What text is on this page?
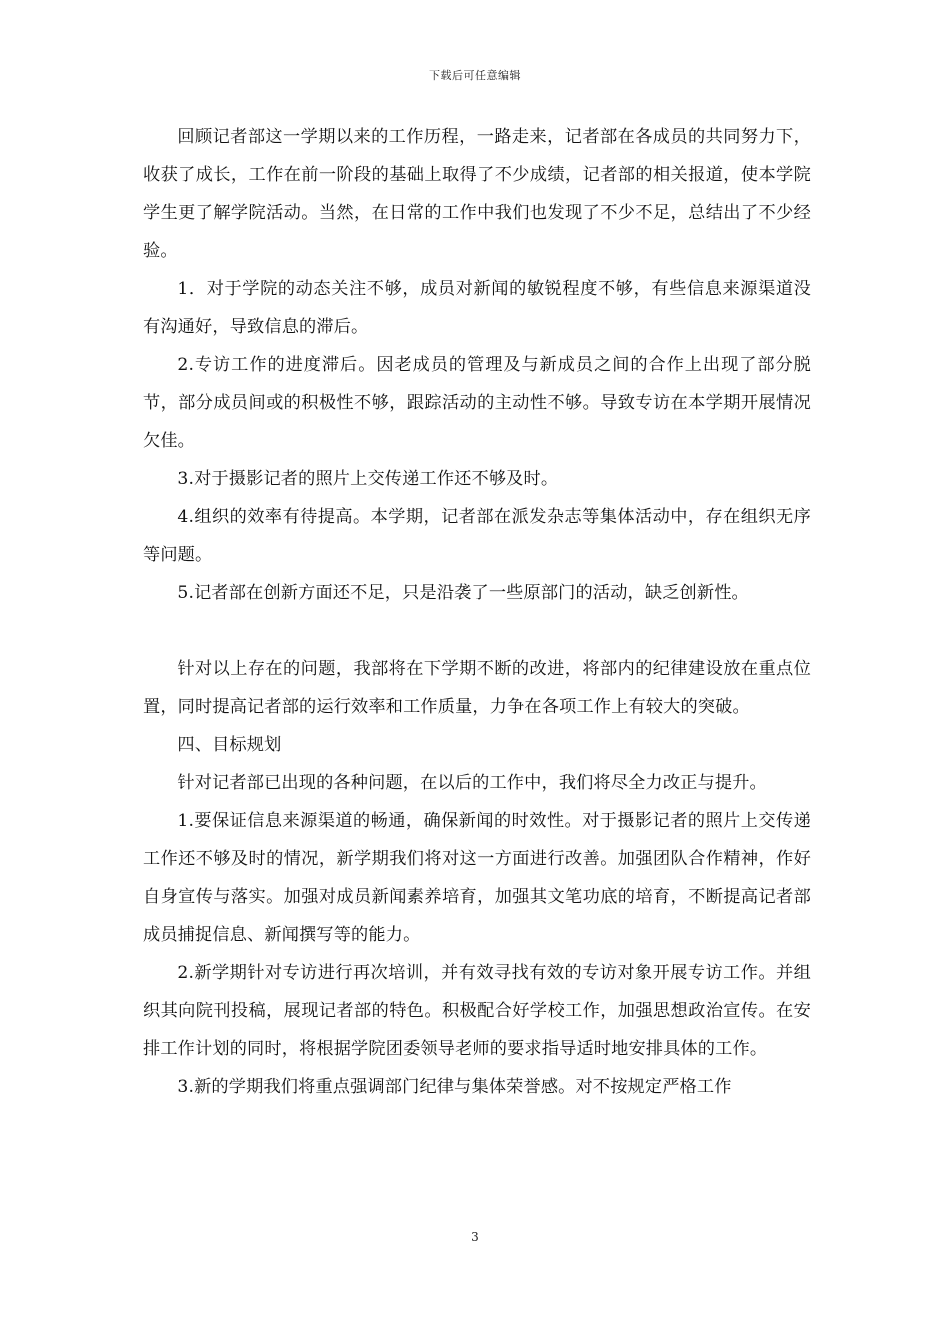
下载后可任意编辑

回顾记者部这一学期以来的工作历程，一路走来，记者部在各成员的共同努力下，收获了成长，工作在前一阶段的基础上取得了不少成绩，记者部的相关报道，使本学院学生更了解学院活动。当然，在日常的工作中我们也发现了不少不足，总结出了不少经验。

1．对于学院的动态关注不够，成员对新闻的敏锐程度不够，有些信息来源渠道没有沟通好，导致信息的滞后。

2.专访工作的进度滞后。因老成员的管理及与新成员之间的合作上出现了部分脱节，部分成员间或的积极性不够，跟踪活动的主动性不够。导致专访在本学期开展情况欠佳。

3.对于摄影记者的照片上交传递工作还不够及时。

4.组织的效率有待提高。本学期，记者部在派发杂志等集体活动中，存在组织无序等问题。

5.记者部在创新方面还不足，只是沿袭了一些原部门的活动，缺乏创新性。

针对以上存在的问题，我部将在下学期不断的改进，将部内的纪律建设放在重点位置，同时提高记者部的运行效率和工作质量，力争在各项工作上有较大的突破。

四、目标规划

针对记者部已出现的各种问题，在以后的工作中，我们将尽全力改正与提升。

1.要保证信息来源渠道的畅通，确保新闻的时效性。对于摄影记者的照片上交传递工作还不够及时的情况，新学期我们将对这一方面进行改善。加强团队合作精神，作好自身宣传与落实。加强对成员新闻素养培育，加强其文笔功底的培育，不断提高记者部成员捕捉信息、新闻撰写等的能力。

2.新学期针对专访进行再次培训，并有效寻找有效的专访对象开展专访工作。并组织其向院刊投稿，展现记者部的特色。积极配合好学校工作，加强思想政治宣传。在安排工作计划的同时，将根据学院团委领导老师的要求指导适时地安排具体的工作。

3.新的学期我们将重点强调部门纪律与集体荣誉感。对不按规定严格工作

3
